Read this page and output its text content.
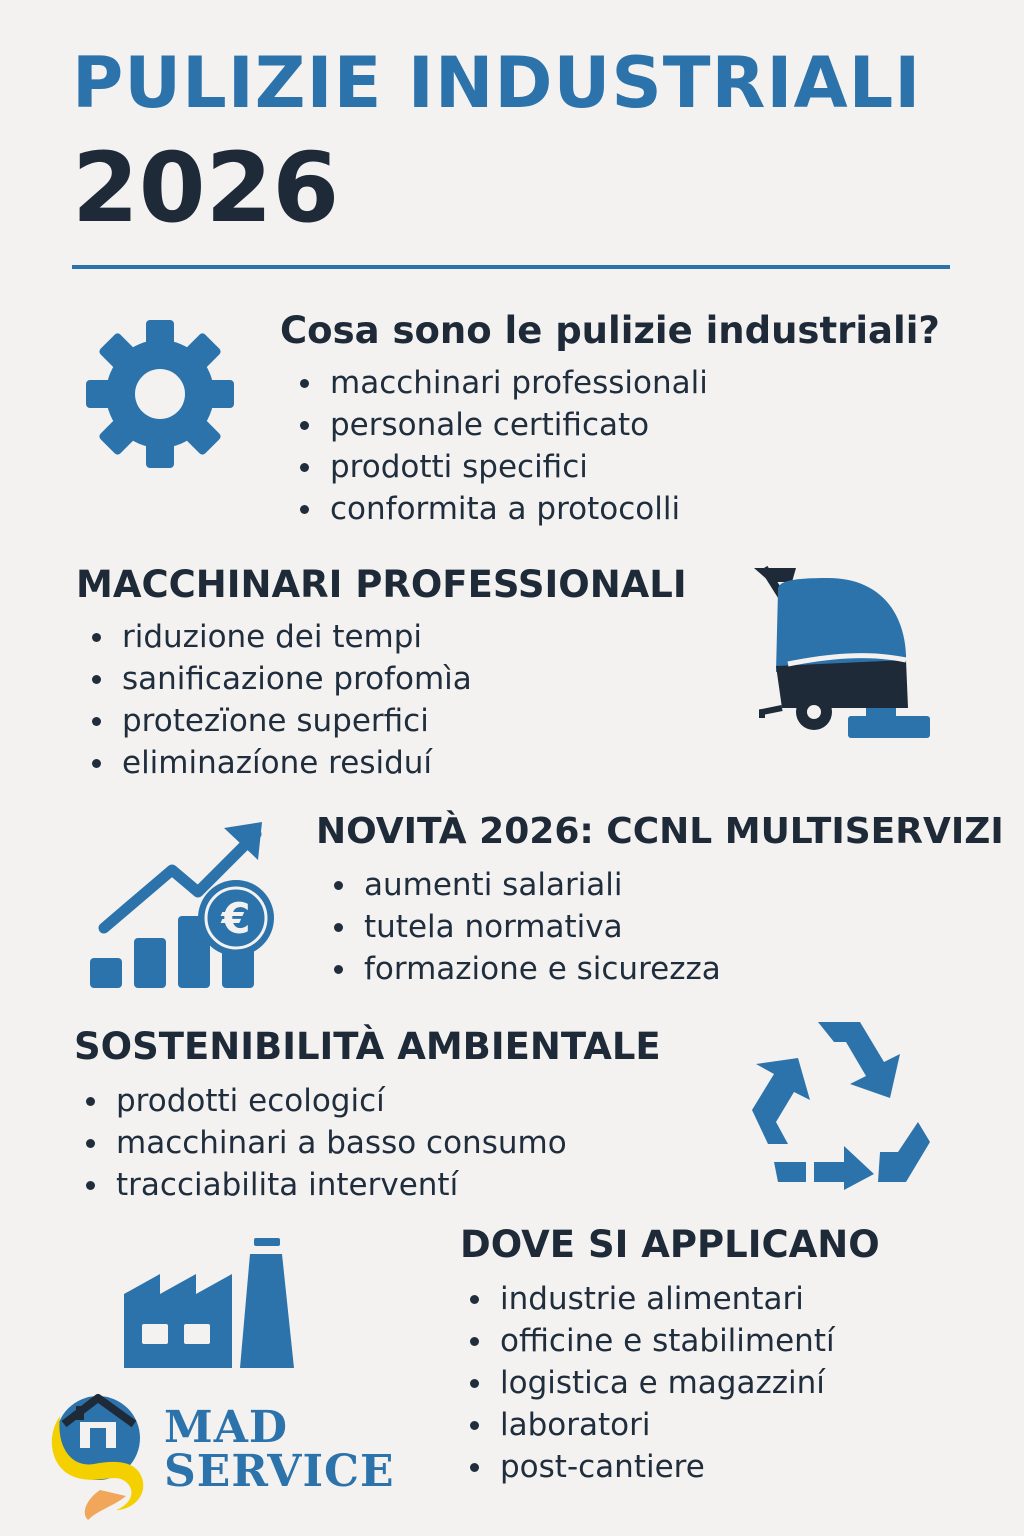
PULIZIE INDUSTRIALI
2026
Cosa sono le pulizie industriali?
macchinari professionali
personale certificato
prodotti specifici
conformita a protocolli
MACCHINARI PROFESSIONALI
riduzione dei tempi
sanificazione profomìa
protezïone superfici
eliminazíone residuí
€
NOVITÀ 2026: CCNL MULTISERVIZI
aumenti salariali
tutela normativa
formazione e sicurezza
SOSTENIBILITÀ AMBIENTALE
prodotti ecologicí
macchinari a basso consumo
tracciabilita interventí
DOVE SI APPLICANO
industrie alimentari
officine e stabilimentí
logistica e magazziní
laboratori
post-cantiere
MAD
SERVICE
